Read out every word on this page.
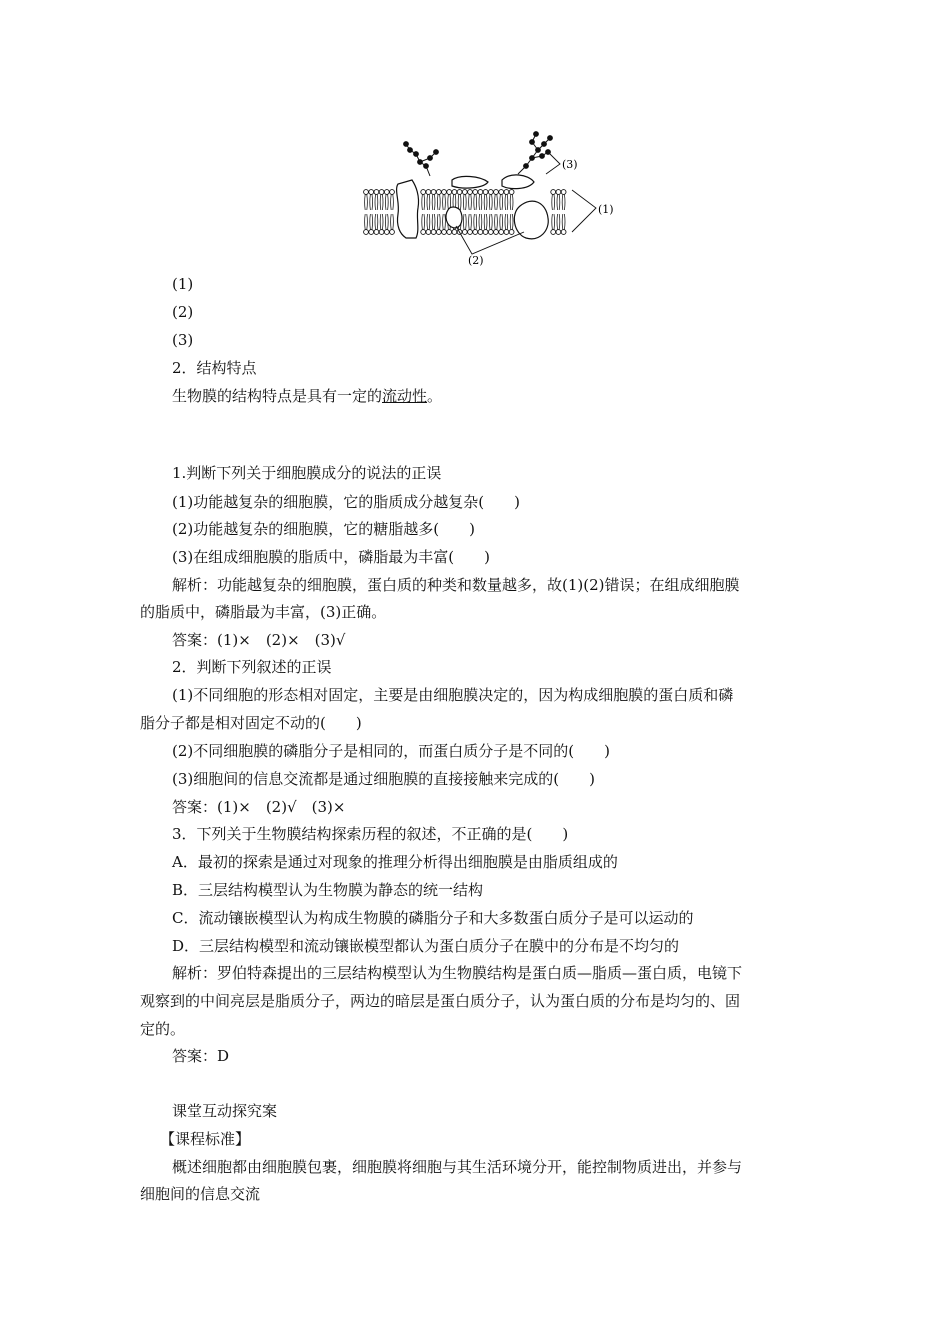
(1)
(2)
(3)
(1)
(2)
(3)
2．结构特点
生物膜的结构特点是具有一定的流动性。
1.判断下列关于细胞膜成分的说法的正误
(1)功能越复杂的细胞膜，它的脂质成分越复杂(　　)
(2)功能越复杂的细胞膜，它的糖脂越多(　　)
(3)在组成细胞膜的脂质中，磷脂最为丰富(　　)
解析：功能越复杂的细胞膜，蛋白质的种类和数量越多，故(1)(2)错误；在组成细胞膜
的脂质中，磷脂最为丰富，(3)正确。
答案：(1)×　(2)×　(3)√
2．判断下列叙述的正误
(1)不同细胞的形态相对固定，主要是由细胞膜决定的，因为构成细胞膜的蛋白质和磷
脂分子都是相对固定不动的(　　)
(2)不同细胞膜的磷脂分子是相同的，而蛋白质分子是不同的(　　)
(3)细胞间的信息交流都是通过细胞膜的直接接触来完成的(　　)
答案：(1)×　(2)√　(3)×
3．下列关于生物膜结构探索历程的叙述，不正确的是(　　)
A．最初的探索是通过对现象的推理分析得出细胞膜是由脂质组成的
B．三层结构模型认为生物膜为静态的统一结构
C．流动镶嵌模型认为构成生物膜的磷脂分子和大多数蛋白质分子是可以运动的
D．三层结构模型和流动镶嵌模型都认为蛋白质分子在膜中的分布是不均匀的
解析：罗伯特森提出的三层结构模型认为生物膜结构是蛋白质—脂质—蛋白质，电镜下
观察到的中间亮层是脂质分子，两边的暗层是蛋白质分子，认为蛋白质的分布是均匀的、固
定的。
答案：D
课堂互动探究案
【课程标准】
概述细胞都由细胞膜包裹，细胞膜将细胞与其生活环境分开，能控制物质进出，并参与
细胞间的信息交流
